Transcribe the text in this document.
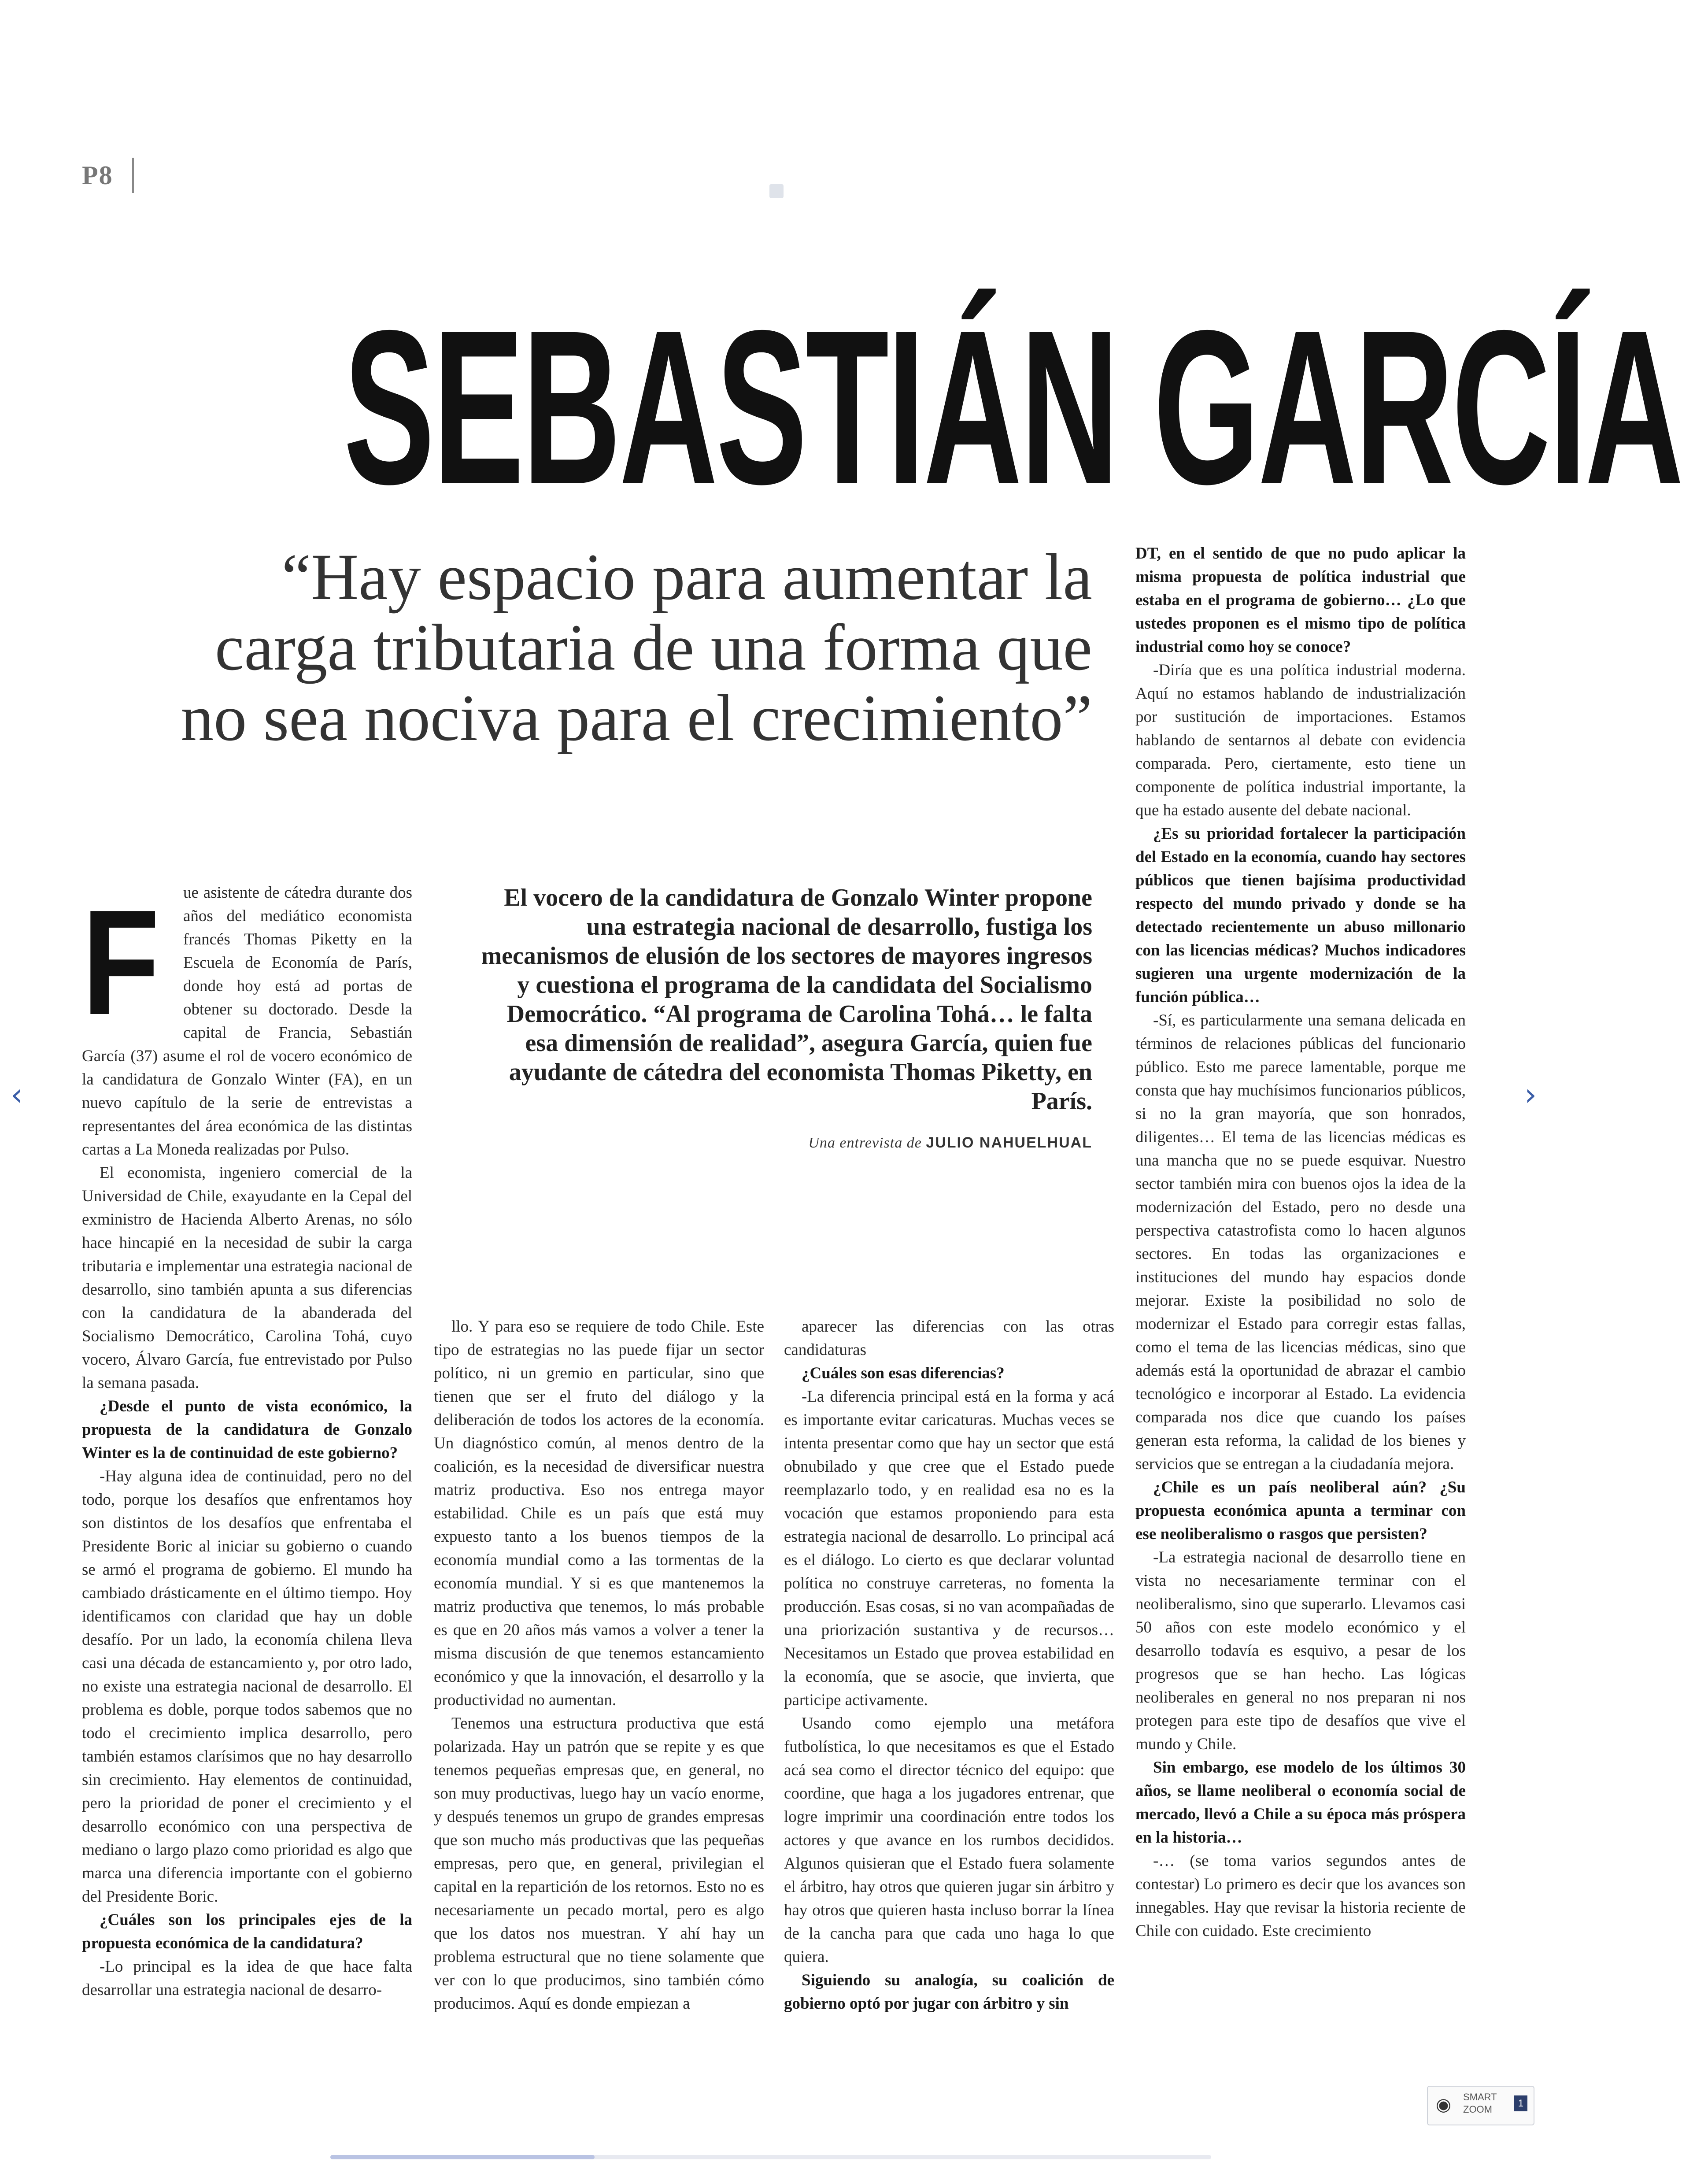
P8
SEBASTIÁN GARCÍA
“Hay espacio para aumentar la carga tributaria de una forma que no sea nociva para el crecimiento”
El vocero de la candidatura de Gonzalo Winter propone una estrategia nacional de desarrollo, fustiga los mecanismos de elusión de los sectores de mayores ingresos y cuestiona el programa de la candidata del Socialismo Democrático. “Al programa de Carolina Tohá… le falta esa dimensión de realidad”, asegura García, quien fue ayudante de cátedra del economista Thomas Piketty, en París.
Una entrevista de JULIO NAHUELHUAL
F	ue asistente de cátedra durante dos años del mediático economista francés Thomas Piketty en la Escuela de Economía de París, donde hoy está ad portas de obtener su doctorado. Desde la capital de Francia, Sebastián García (37) asume el rol de vocero económico de la candidatura de Gonzalo Winter (FA), en un nuevo capítulo de la serie de entrevistas a representantes del área económica de las distintas cartas a La Moneda realizadas por Pulso.

El economista, ingeniero comercial de la Universidad de Chile, exayudante en la Cepal del exministro de Hacienda Alberto Arenas, no sólo hace hincapié en la necesidad de subir la carga tributaria e implementar una estrategia nacional de desarrollo, sino también apunta a sus diferencias con la candidatura de la abanderada del Socialismo Democrático, Carolina Tohá, cuyo vocero, Álvaro García, fue entrevistado por Pulso la semana pasada.

¿Desde el punto de vista económico, la propuesta de la candidatura de Gonzalo Winter es la de continuidad de este gobierno?

-Hay alguna idea de continuidad, pero no del todo, porque los desafíos que enfrentamos hoy son distintos de los desafíos que enfrentaba el Presidente Boric al iniciar su gobierno o cuando se armó el programa de gobierno. El mundo ha cambiado drásticamente en el último tiempo. Hoy identificamos con claridad que hay un doble desafío. Por un lado, la economía chilena lleva casi una década de estancamiento y, por otro lado, no existe una estrategia nacional de desarrollo. El problema es doble, porque todos sabemos que no todo el crecimiento implica desarrollo, pero también estamos clarísimos que no hay desarrollo sin crecimiento. Hay elementos de continuidad, pero la prioridad de poner el crecimiento y el desarrollo económico con una perspectiva de mediano o largo plazo como prioridad es algo que marca una diferencia importante con el gobierno del Presidente Boric.

¿Cuáles son los principales ejes de la propuesta económica de la candidatura?

-Lo principal es la idea de que hace falta desarrollar una estrategia nacional de desarro-

llo. Y para eso se requiere de todo Chile. Este tipo de estrategias no las puede fijar un sector político, ni un gremio en particular, sino que tienen que ser el fruto del diálogo y la deliberación de todos los actores de la economía. Un diagnóstico común, al menos dentro de la coalición, es la necesidad de diversificar nuestra matriz productiva. Eso nos entrega mayor estabilidad. Chile es un país que está muy expuesto tanto a los buenos tiempos de la economía mundial como a las tormentas de la economía mundial. Y si es que mantenemos la matriz productiva que tenemos, lo más probable es que en 20 años más vamos a volver a tener la misma discusión de que tenemos estancamiento económico y que la innovación, el desarrollo y la productividad no aumentan.

Tenemos una estructura productiva que está polarizada. Hay un patrón que se repite y es que tenemos pequeñas empresas que, en general, no son muy productivas, luego hay un vacío enorme, y después tenemos un grupo de grandes empresas que son mucho más productivas que las pequeñas empresas, pero que, en general, privilegian el capital en la repartición de los retornos. Esto no es necesariamente un pecado mortal, pero es algo que los datos nos muestran. Y ahí hay un problema estructural que no tiene solamente que ver con lo que producimos, sino también cómo producimos. Aquí es donde empiezan a

aparecer las diferencias con las otras candidaturas

¿Cuáles son esas diferencias?

-La diferencia principal está en la forma y acá es importante evitar caricaturas. Muchas veces se intenta presentar como que hay un sector que está obnubilado y que cree que el Estado puede reemplazarlo todo, y en realidad esa no es la vocación que estamos proponiendo para esta estrategia nacional de desarrollo. Lo principal acá es el diálogo. Lo cierto es que declarar voluntad política no construye carreteras, no fomenta la producción. Esas cosas, si no van acompañadas de una priorización sustantiva y de recursos… Necesitamos un Estado que provea estabilidad en la economía, que se asocie, que invierta, que participe activamente.

Usando como ejemplo una metáfora futbolística, lo que necesitamos es que el Estado acá sea como el director técnico del equipo: que coordine, que haga a los jugadores entrenar, que logre imprimir una coordinación entre todos los actores y que avance en los rumbos decididos. Algunos quisieran que el Estado fuera solamente el árbitro, hay otros que quieren jugar sin árbitro y hay otros que quieren hasta incluso borrar la línea de la cancha para que cada uno haga lo que quiera.

Siguiendo su analogía, su coalición de gobierno optó por jugar con árbitro y sin

DT, en el sentido de que no pudo aplicar la misma propuesta de política industrial que estaba en el programa de gobierno… ¿Lo que ustedes proponen es el mismo tipo de política industrial como hoy se conoce?

-Diría que es una política industrial moderna. Aquí no estamos hablando de industrialización por sustitución de importaciones. Estamos hablando de sentarnos al debate con evidencia comparada. Pero, ciertamente, esto tiene un componente de política industrial importante, la que ha estado ausente del debate nacional.

¿Es su prioridad fortalecer la participación del Estado en la economía, cuando hay sectores públicos que tienen bajísima productividad respecto del mundo privado y donde se ha detectado recientemente un abuso millonario con las licencias médicas? Muchos indicadores sugieren una urgente modernización de la función pública…

-Sí, es particularmente una semana delicada en términos de relaciones públicas del funcionario público. Esto me parece lamentable, porque me consta que hay muchísimos funcionarios públicos, si no la gran mayoría, que son honrados, diligentes… El tema de las licencias médicas es una mancha que no se puede esquivar. Nuestro sector también mira con buenos ojos la idea de la modernización del Estado, pero no desde una perspectiva catastrofista como lo hacen algunos sectores. En todas las organizaciones e instituciones del mundo hay espacios donde mejorar. Existe la posibilidad no solo de modernizar el Estado para corregir estas fallas, como el tema de las licencias médicas, sino que además está la oportunidad de abrazar el cambio tecnológico e incorporar al Estado. La evidencia comparada nos dice que cuando los países generan esta reforma, la calidad de los bienes y servicios que se entregan a la ciudadanía mejora.

¿Chile es un país neoliberal aún? ¿Su propuesta económica apunta a terminar con ese neoliberalismo o rasgos que persisten?

-La estrategia nacional de desarrollo tiene en vista no necesariamente terminar con el neoliberalismo, sino que superarlo. Llevamos casi 50 años con este modelo económico y el desarrollo todavía es esquivo, a pesar de los progresos que se han hecho. Las lógicas neoliberales en general no nos preparan ni nos protegen para este tipo de desafíos que vive el mundo y Chile.

Sin embargo, ese modelo de los últimos 30 años, se llame neoliberal o economía social de mercado, llevó a Chile a su época más próspera en la historia…

-… (se toma varios segundos antes de contestar) Lo primero es decir que los avances son innegables. Hay que revisar la historia reciente de Chile con cuidado. Este crecimiento

‹	›
◉ SMART
ZOOM
1
